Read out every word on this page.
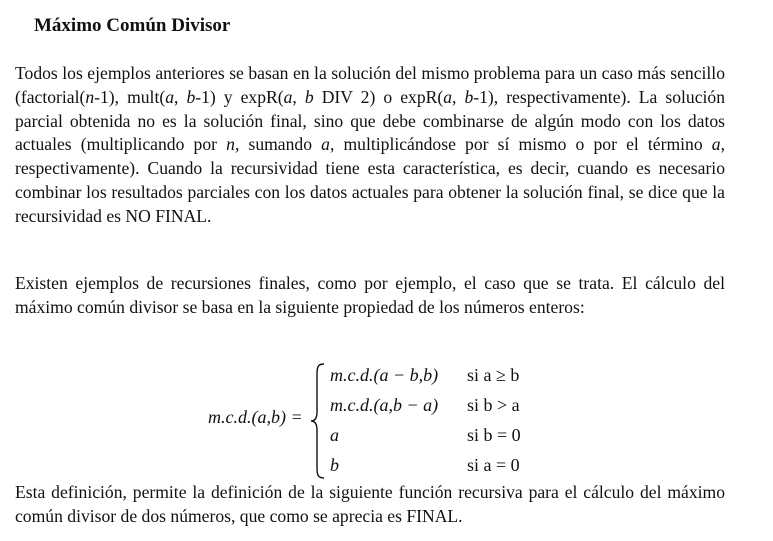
Máximo Común Divisor

Todos los ejemplos anteriores se basan en la solución del mismo problema para un caso más sencillo (factorial(n-1), mult(a, b-1) y expR(a, b DIV 2) o expR(a, b-1), respectivamente). La solución parcial obtenida no es la solución final, sino que debe combinarse de algún modo con los datos actuales (multiplicando por n, sumando a, multiplicándose por sí mismo o por el término a, respectivamente). Cuando la recursividad tiene esta característica, es decir, cuando es necesario combinar los resultados parciales con los datos actuales para obtener la solución final, se dice que la recursividad es NO FINAL.

Existen ejemplos de recursiones finales, como por ejemplo, el caso que se trata. El cálculo del máximo común divisor se basa en la siguiente propiedad de los números enteros:

m.c.d.(a,b) =
m.c.d.(a − b,b) si a ≥ b
m.c.d.(a,b − a) si b > a
a	si b = 0
b	si a = 0

Esta definición, permite la definición de la siguiente función recursiva para el cálculo del máximo común divisor de dos números, que como se aprecia es FINAL.
